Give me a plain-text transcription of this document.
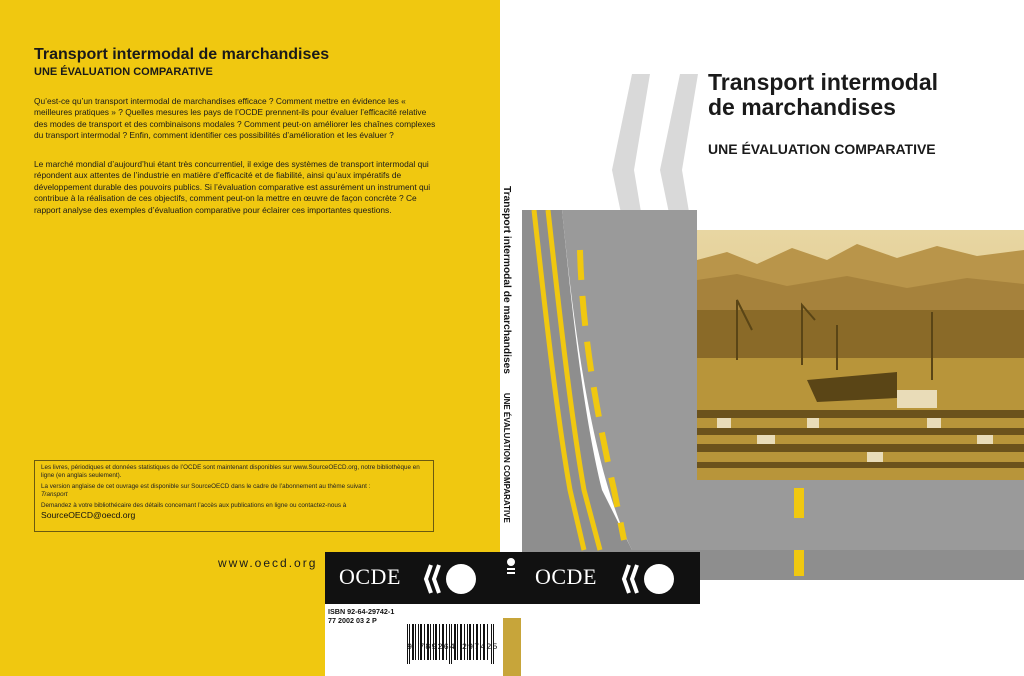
Transport intermodal de marchandises
UNE ÉVALUATION COMPARATIVE

Qu’est-ce qu’un transport intermodal de marchandises efficace ? Comment mettre en évidence les « meilleures pratiques » ? Quelles mesures les pays de l’OCDE prennent-ils pour évaluer l’efficacité relative des modes de transport et des combinaisons modales ? Comment peut-on améliorer les chaînes complexes du transport intermodal ? Enfin, comment identifier ces possibilités d’amélioration et les évaluer ?

Le marché mondial d’aujourd’hui étant très concurrentiel, il exige des systèmes de transport intermodal qui répondent aux attentes de l’industrie en matière d’efficacité et de fiabilité, ainsi qu’aux impératifs de développement durable des pouvoirs publics. Si l’évaluation comparative est assurément un instrument qui contribue à la réalisation de ces objectifs, comment peut-on la mettre en œuvre de façon concrète ? Ce rapport analyse des exemples d’évaluation comparative pour éclairer ces importantes questions.

Les livres, périodiques et données statistiques de l’OCDE sont maintenant disponibles sur www.SourceOECD.org, notre bibliothèque en ligne (en anglais seulement).

La version anglaise de cet ouvrage est disponible sur SourceOECD dans le cadre de l’abonnement au thème suivant :

Transport

Demandez à votre bibliothécaire des détails concernant l’accès aux publications en ligne ou contactez-nous à

SourceOECD@oecd.org

www.oecd.org

ISBN 92-64-29742-1

77 2002 03 2 P

9 789264 297425
Transport intermodal de marchandises UNE ÉVALUATION COMPARATIVE
Transport intermodal
de marchandises
UNE ÉVALUATION COMPARATIVE
OCDE	OCDE
